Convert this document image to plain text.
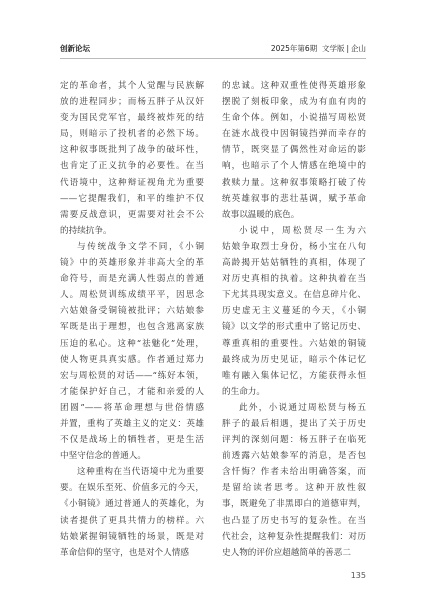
创新论坛	2025年第6期 文学版 | 企山
定的革命者，其个人觉醒与民族解
放的进程同步；而杨五胖子从汉奸
变为国民党军官，最终被炸死的结
局，则暗示了投机者的必然下场。
这种叙事既批判了战争的破坏性，
也肯定了正义抗争的必要性。在当
代语境中，这种辩证视角尤为重要
——它提醒我们，和平的维护不仅
需要反战意识，更需要对社会不公
的持续抗争。
与传统战争文学不同，《小铜
镜》中的英雄形象并非高大全的革
命符号，而是充满人性弱点的普通
人。周松贤训练成绩平平，因思念
六姑娘备受铜镜被批评；六姑娘参
军既是出于理想，也包含逃离家族
压迫的私心。这种“祛魅化”处理，
使人物更具真实感。作者通过郑力
宏与周松贤的对话——“练好本领，
才能保护好自己，才能和亲爱的人
团圆”——将革命理想与世俗情感
并置，重构了英雄主义的定义：英雄
不仅是战场上的牺牲者，更是生活
中坚守信念的普通人。
这种重构在当代语境中尤为重要
要。在娱乐至死、价值多元的今天，
《小铜镜》通过普通人的英雄化，为
读者提供了更具共情力的榜样。六
姑娘紧握铜镜牺牲的场景，既是对
革命信仰的坚守，也是对个人情感
的忠诚。这种双重性使得英雄形象
摆脱了刻板印象，成为有血有肉的
生命个体。例如，小说描写周松贤
在涟水战役中因铜镜挡弹而幸存的
情节，既突显了偶然性对命运的影
响，也暗示了个人情感在绝境中的
救赎力量。这种叙事策略打破了传
统英雄叙事的悲壮基调，赋予革命
故事以温暖的底色。
小说中，周松贤尽一生为六
姑娘争取烈士身份，杨小宝在八旬
高龄揭开姑姑牺牲的真相，体现了
对历史真相的执着。这种执着在当
下尤其具现实意义。在信息碎片化、
历史虚无主义蔓延的今天，《小铜
镜》以文学的形式重申了铭记历史、
尊重真相的重要性。六姑娘的铜镜
最终成为历史见证，暗示个体记忆
唯有融入集体记忆，方能获得永恒
的生命力。
此外，小说通过周松贤与杨五
胖子的最后相遇，提出了关于历史
评判的深刻问题：杨五胖子在临死
前透露六姑娘参军的消息，是否包
含忏悔？作者未给出明确答案，而
是留给读者思考。这种开放性叙
事，既避免了非黑即白的道德审判，
也凸显了历史书写的复杂性。在当
代社会，这种复杂性提醒我们：对历
史人物的评价应超越简单的善恶二
135
